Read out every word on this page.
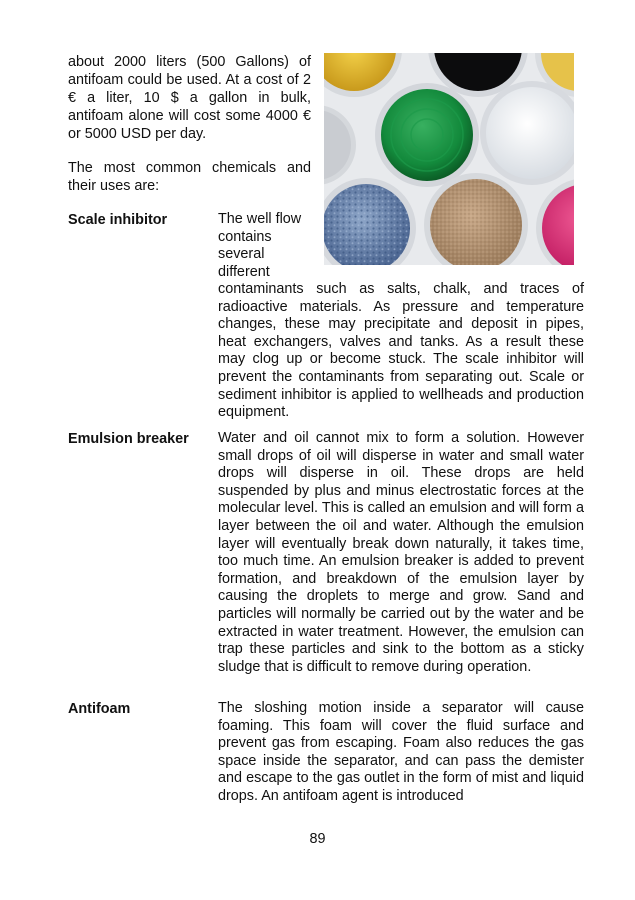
about 2000 liters (500 Gallons) of antifoam could be used. At a cost of 2 € a liter, 10 $ a gallon in bulk, antifoam alone will cost some 4000 € or 5000 USD per day.

The most common chemicals and their uses are:

Scale inhibitor	The well flow contains several different

contaminants such as salts, chalk, and traces of radioactive materials. As pressure and temperature changes, these may precipitate and deposit in pipes, heat exchangers, valves and tanks. As a result these may clog up or become stuck. The scale inhibitor will prevent the contaminants from separating out. Scale or sediment inhibitor is applied to wellheads and production equipment.

Emulsion breaker Water and oil cannot mix to form a solution. However small drops of oil will disperse in water and small water drops will disperse in oil. These drops are held suspended by plus and minus electrostatic forces at the molecular level. This is called an emulsion and will form a layer between the oil and water. Although the emulsion layer will eventually break down naturally, it takes time, too much time. An emulsion breaker is added to prevent formation, and breakdown of the emulsion layer by causing the droplets to merge and grow. Sand and particles will normally be carried out by the water and be extracted in water treatment. However, the emulsion can trap these particles and sink to the bottom as a sticky sludge that is difficult to remove during operation.

Antifoam	The sloshing motion inside a separator will cause foaming. This foam will cover the fluid surface and prevent gas from escaping. Foam also reduces the gas space inside the separator, and can pass the demister and escape to the gas outlet in the form of mist and liquid drops. An antifoam agent is introduced

89
